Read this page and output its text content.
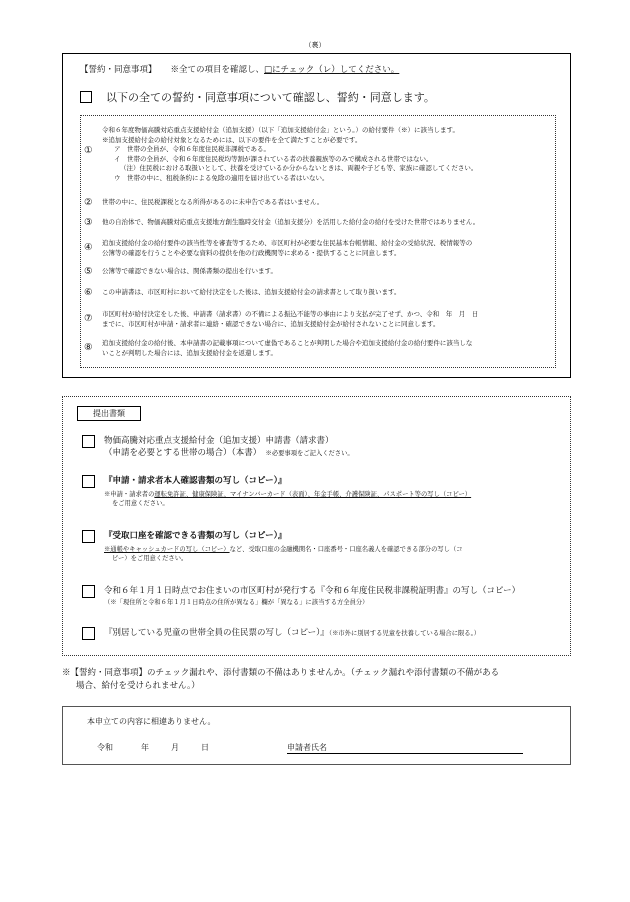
（裏）
【誓約・同意事項】 ※全ての項目を確認し、□にチェック（レ）してください。
以下の全ての誓約・同意事項について確認し、誓約・同意します。
①
令和６年度物価高騰対応重点支援給付金（追加支援）（以下「追加支援給付金」という。）の給付要件（※）に該当します。
※追加支援給付金の給付対象となるためには、以下の要件を全て満たすことが必要です。
ア　世帯の全員が、令和６年度住民税非課税である。
イ　世帯の全員が、令和６年度住民税均等割が課されている者の扶養親族等のみで構成される世帯ではない。
（注）住民税における取扱いとして、扶養を受けているか分からないときは、両親や子ども等、家族に確認してください。
ウ　世帯の中に、租税条約による免除の適用を届け出ている者はいない。
②	世帯の中に、住民税課税となる所得があるのに未申告である者はいません。
③	他の自治体で、物価高騰対応重点支援地方創生臨時交付金（追加支援分）を活用した給付金の給付を受けた世帯ではありません。
④	追加支援給付金の給付要件の該当性等を審査等するため、市区町村が必要な住民基本台帳情報、給付金の受給状況、税情報等の
公簿等の確認を行うことや必要な資料の提供を他の行政機関等に求める・提供することに同意します。
⑤	公簿等で確認できない場合は、関係書類の提出を行います。
⑥	この申請書は、市区町村において給付決定をした後は、追加支援給付金の請求書として取り扱います。
⑦	市区町村が給付決定をした後、申請書（請求書）の不備による振込不能等の事由により支払が完了せず、かつ、令和　年　月　日
までに、市区町村が申請・請求者に連絡・確認できない場合に、追加支援給付金が給付されないことに同意します。
⑧	追加支援給付金の給付後、本申請書の記載事項について虚偽であることが判明した場合や追加支援給付金の給付要件に該当しな
いことが判明した場合には、追加支援給付金を返還します。
提出書類
物価高騰対応重点支援給付金（追加支援）申請書（請求書）
（申請を必要とする世帯の場合）（本書）　 ※必要事項をご記入ください。
『申請・請求者本人確認書類の写し（コピー）』
※申請・請求者の運転免許証、健康保険証、マイナンバーカード（表面）、年金手帳、介護保険証、パスポート等の写し（コピー）
をご用意ください。
『受取口座を確認できる書類の写し（コピー）』
※通帳やキャッシュカードの写し（コピー）など、受取口座の金融機関名・口座番号・口座名義人を確認できる部分の写し（コ
ピー）をご用意ください。
令和６年１月１日時点でお住まいの市区町村が発行する『令和６年度住民税非課税証明書』の写し（コピー）
（※「現住所と令和６年１月１日時点の住所が異なる」欄が「異なる」に該当する方全員分）
『別居している児童の世帯全員の住民票の写し（コピー）』（※市外に別居する児童を扶養している場合に限る。）
※【誓約・同意事項】のチェック漏れや、添付書類の不備はありませんか。（チェック漏れや添付書類の不備がある
場合、給付を受けられません。）
本申立ての内容に相違ありません。
令和	年	月	日	申請者氏名
